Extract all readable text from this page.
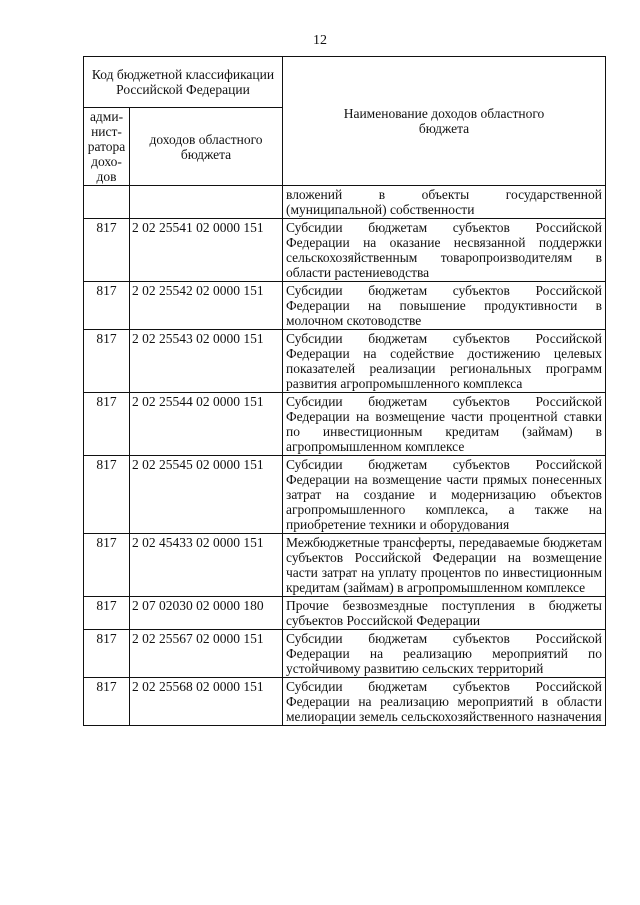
12
Код бюджетной классификации Российской Федерации		Наименование доходов областного бюджета
адми-нист-ратора дохо-дов	доходов областного бюджета	
		вложений в объекты государственной (муниципальной) собственности
817	2 02 25541 02 0000 151	Субсидии бюджетам субъектов Российской Федерации на оказание несвязанной поддержки сельскохозяйственным товаропроизводителям в области растениеводства
817	2 02 25542 02 0000 151	Субсидии бюджетам субъектов Российской Федерации на повышение продуктивности в молочном скотоводстве
817	2 02 25543 02 0000 151	Субсидии бюджетам субъектов Российской Федерации на содействие достижению целевых показателей реализации региональных программ развития агропромышленного комплекса
817	2 02 25544 02 0000 151	Субсидии бюджетам субъектов Российской Федерации на возмещение части процентной ставки по инвестиционным кредитам (займам) в агропромышленном комплексе
817	2 02 25545 02 0000 151	Субсидии бюджетам субъектов Российской Федерации на возмещение части прямых понесенных затрат на создание и модернизацию объектов агропромышленного комплекса, а также на приобретение техники и оборудования
817	2 02 45433 02 0000 151	Межбюджетные трансферты, передаваемые бюджетам субъектов Российской Федерации на возмещение части затрат на уплату процентов по инвестиционным кредитам (займам) в агропромышленном комплексе
817	2 07 02030 02 0000 180	Прочие безвозмездные поступления в бюджеты субъектов Российской Федерации
817	2 02 25567 02 0000 151	Субсидии бюджетам субъектов Российской Федерации на реализацию мероприятий по устойчивому развитию сельских территорий
817	2 02 25568 02 0000 151	Субсидии бюджетам субъектов Российской Федерации на реализацию мероприятий в области мелиорации земель сельскохозяйственного назначения
